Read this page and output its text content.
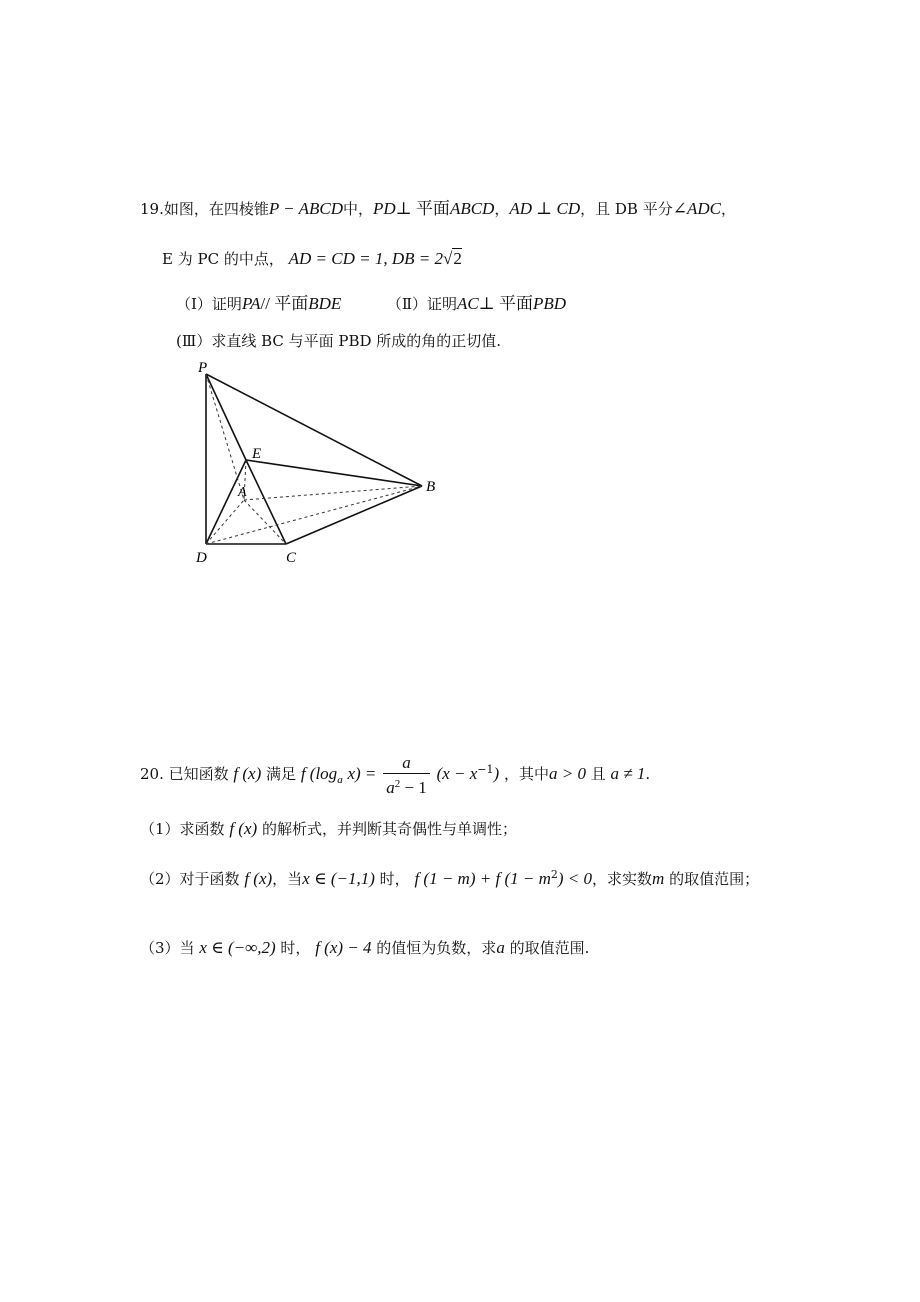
19.如图，在四棱锥P − ABCD中，PD⊥ 平面ABCD，AD ⊥ CD，且 DB 平分∠ADC，
E 为 PC 的中点， AD = CD = 1, DB = 2√2
（Ⅰ）证明PA// 平面BDE	（Ⅱ）证明AC⊥ 平面PBD
(Ⅲ）求直线 BC 与平面 PBD 所成的角的正切值.
P
E
B
A
D	C
20. 已知函数 f (x) 满足 f ($\log_a$ $x) = \frac{a}{a^2 - 1} (x - x^{-1})$ ，其中a > 0 且 a ≠ 1.
（1）求函数 f (x) 的解析式，并判断其奇偶性与单调性；
（2）对于函数 f (x)，当x ∈ (−1,1) 时， f (1 − m) + f $(1 - m^2) < 0$，求实数m 的取值范围；
（3）当 x ∈ (−∞,2) 时， f (x) − 4 的值恒为负数，求a 的取值范围.
